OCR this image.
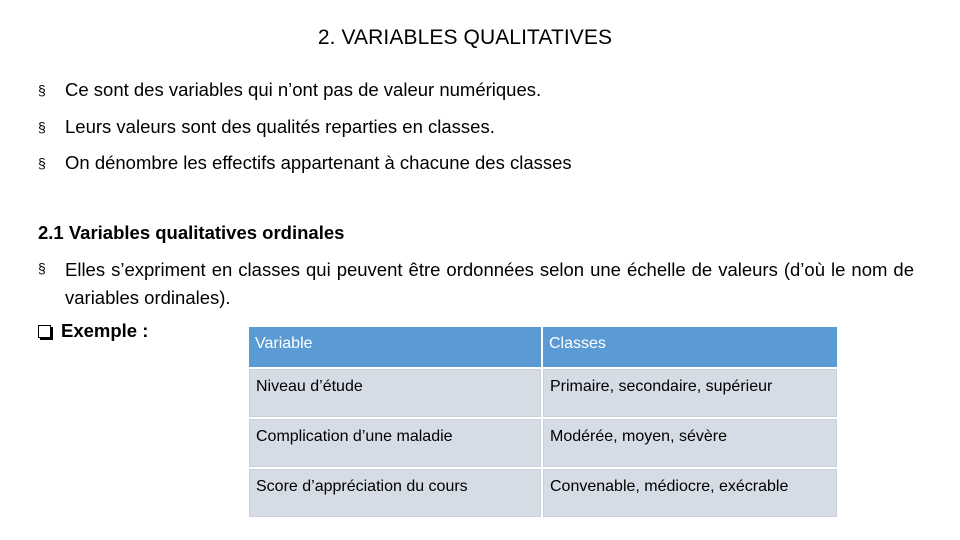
2. VARIABLES QUALITATIVES
§	Ce sont des variables qui n’ont pas de valeur numériques.
§	Leurs valeurs sont des qualités reparties en classes.
§	On dénombre les effectifs appartenant à chacune des classes
2.1 Variables qualitatives ordinales
§	Elles s’expriment en classes qui peuvent être ordonnées selon une échelle de valeurs (d’où le nom de variables ordinales).
Exemple :
Variable	Classes
Niveau d’étude	Primaire, secondaire, supérieur
Complication d’une maladie	Modérée, moyen, sévère
Score d’appréciation du cours	Convenable, médiocre, exécrable
